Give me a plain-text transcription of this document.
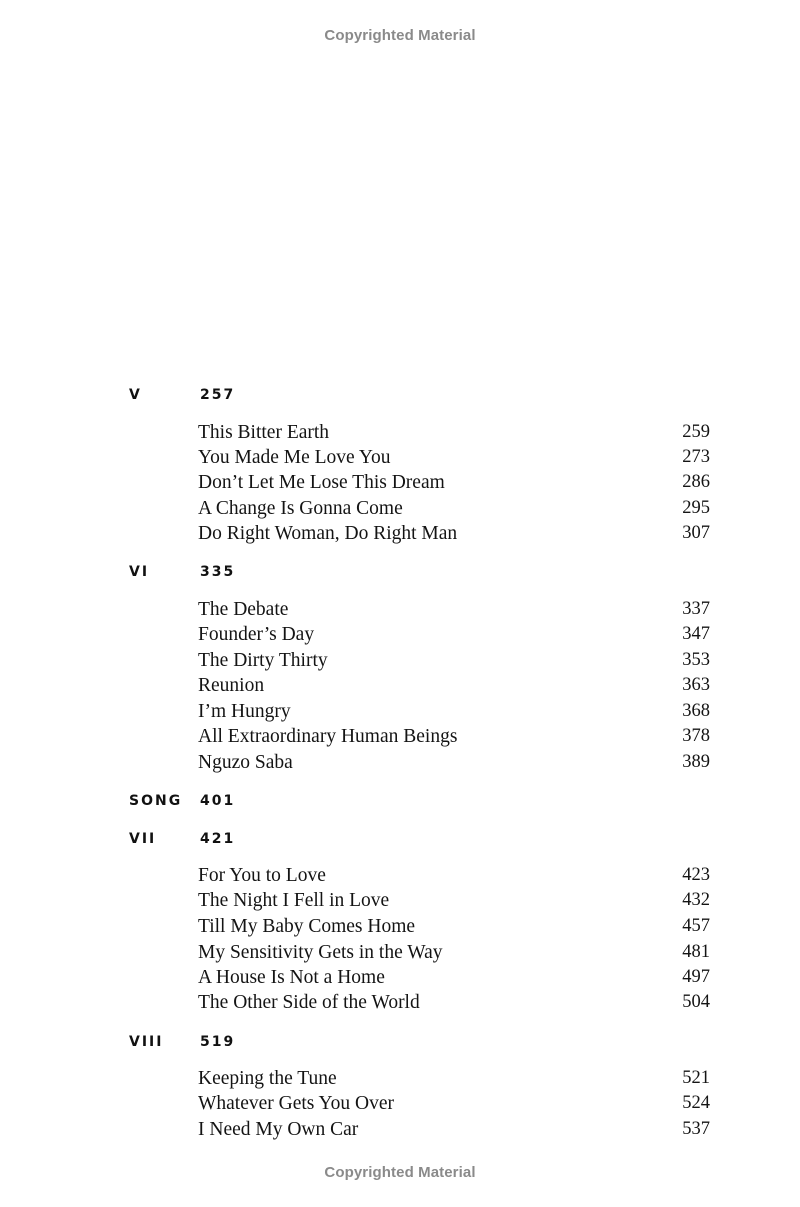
Copyrighted Material
V	257
This Bitter Earth	259
You Made Me Love You	273
Don’t Let Me Lose This Dream	286
A Change Is Gonna Come	295
Do Right Woman, Do Right Man	307
VI	335
The Debate	337
Founder’s Day	347
The Dirty Thirty	353
Reunion	363
I’m Hungry	368
All Extraordinary Human Beings	378
Nguzo Saba	389
SONG 401
VII	421
For You to Love	423
The Night I Fell in Love	432
Till My Baby Comes Home	457
My Sensitivity Gets in the Way	481
A House Is Not a Home	497
The Other Side of the World	504
VIII	519
Keeping the Tune	521
Whatever Gets You Over	524
I Need My Own Car	537
Copyrighted Material
